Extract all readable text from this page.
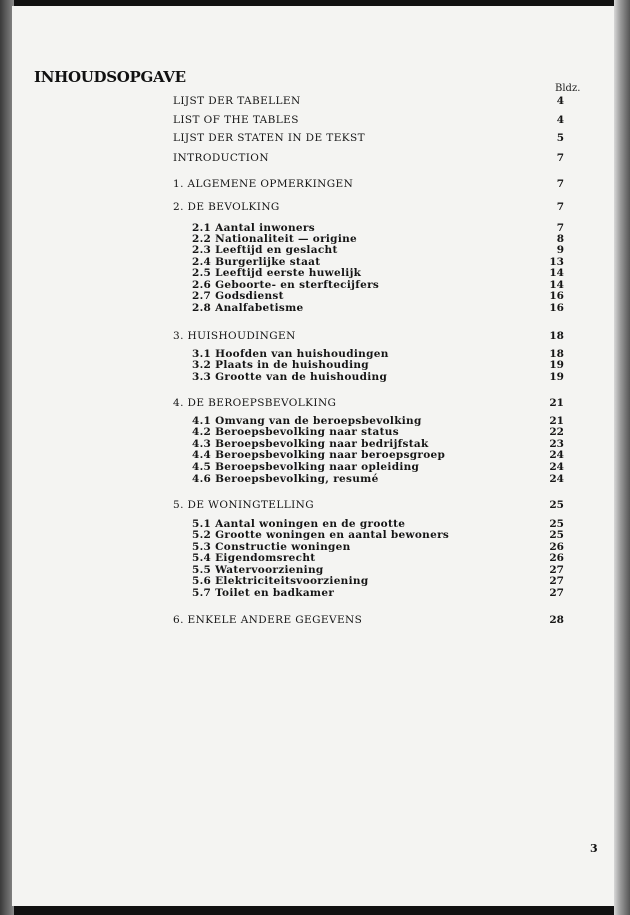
INHOUDSOPGAVE
Bldz.
LIJST DER TABELLEN	4
LIST OF THE TABLES	4
LIJST DER STATEN IN DE TEKST	5
INTRODUCTION	7
1. ALGEMENE OPMERKINGEN	7
2. DE BEVOLKING	7
2.1 Aantal inwoners	7
2.2 Nationaliteit — origine	8
2.3 Leeftijd en geslacht	9
2.4 Burgerlijke staat	13
2.5 Leeftijd eerste huwelijk	14
2.6 Geboorte- en sterftecijfers	14
2.7 Godsdienst	16
2.8 Analfabetisme	16
3. HUISHOUDINGEN	18
3.1 Hoofden van huishoudingen	18
3.2 Plaats in de huishouding	19
3.3 Grootte van de huishouding	19
4. DE BEROEPSBEVOLKING	21
4.1 Omvang van de beroepsbevolking	21
4.2 Beroepsbevolking naar status	22
4.3 Beroepsbevolking naar bedrijfstak	23
4.4 Beroepsbevolking naar beroepsgroep	24
4.5 Beroepsbevolking naar opleiding	24
4.6 Beroepsbevolking, resumé	24
5. DE WONINGTELLING	25
5.1 Aantal woningen en de grootte	25
5.2 Grootte woningen en aantal bewoners	25
5.3 Constructie woningen	26
5.4 Eigendomsrecht	26
5.5 Watervoorziening	27
5.6 Elektriciteitsvoorziening	27
5.7 Toilet en badkamer	27
6. ENKELE ANDERE GEGEVENS	28
3
